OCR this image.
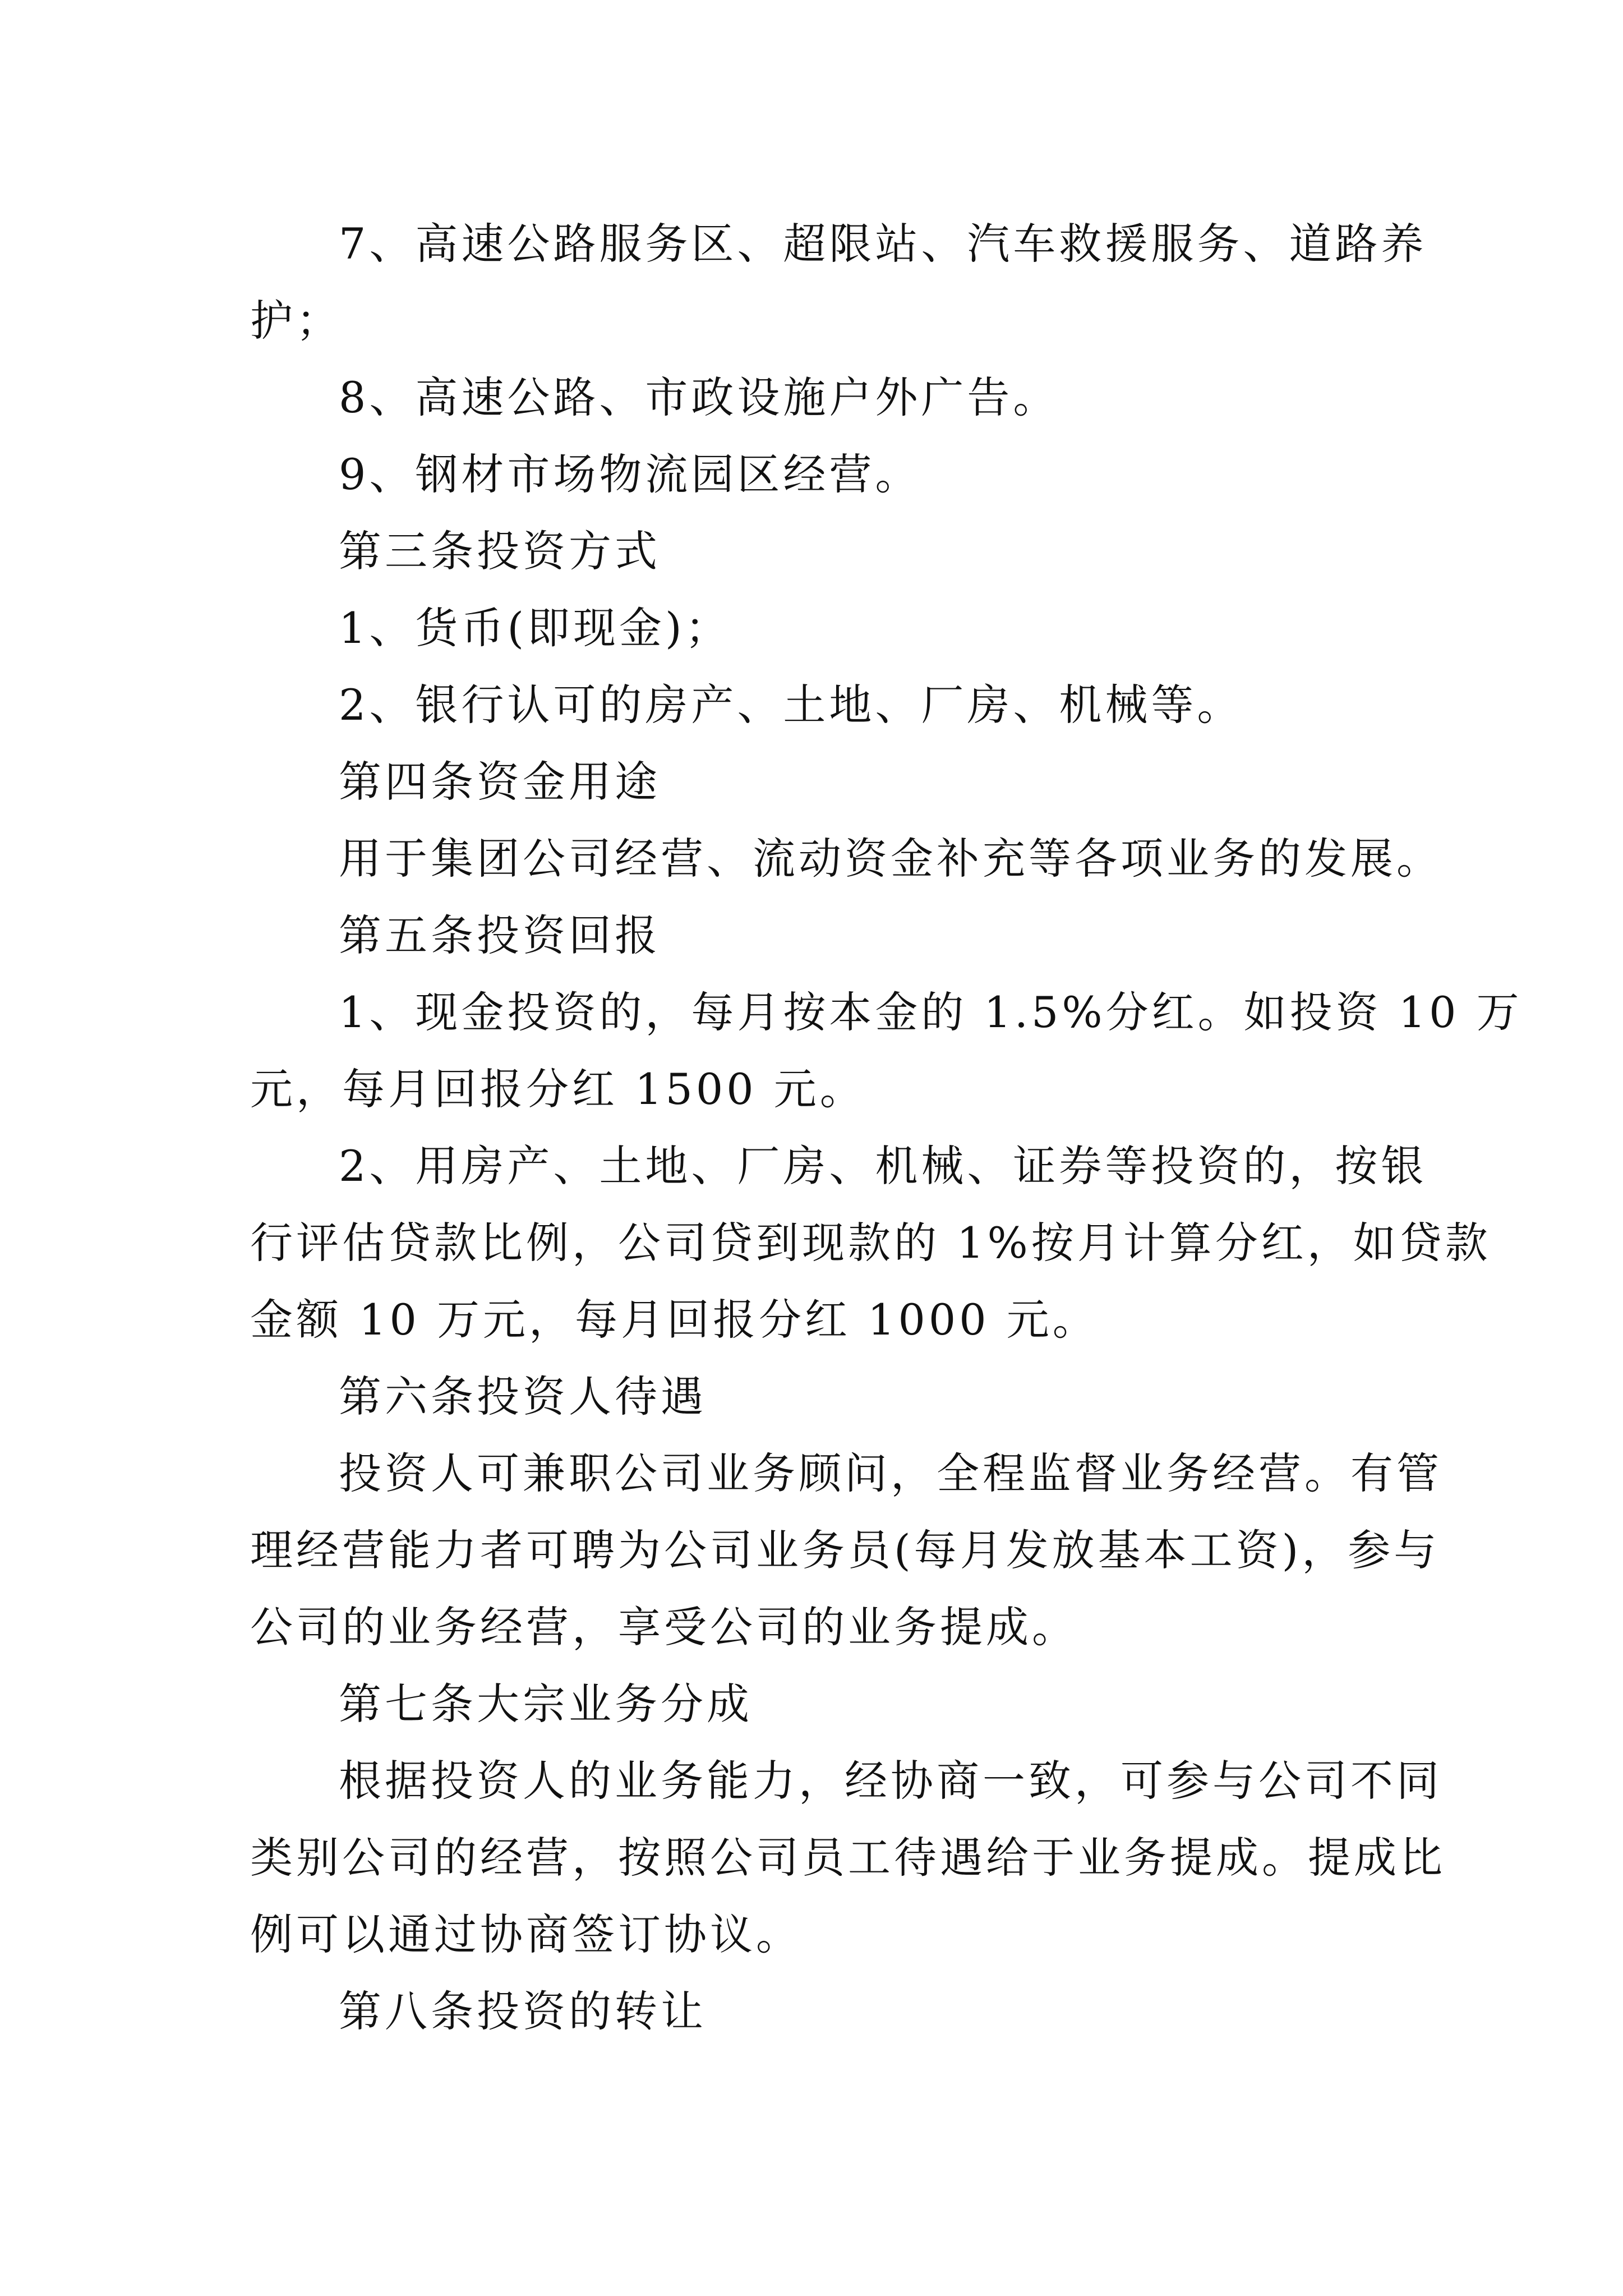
7、高速公路服务区、超限站、汽车救援服务、道路养
护；
8、高速公路、市政设施户外广告。
9、钢材市场物流园区经营。
第三条投资方式
1、货币(即现金)；
2、银行认可的房产、土地、厂房、机械等。
第四条资金用途
用于集团公司经营、流动资金补充等各项业务的发展。
第五条投资回报
1、现金投资的，每月按本金的 1.5%分红。如投资 10 万
元，每月回报分红 1500 元。
2、用房产、土地、厂房、机械、证券等投资的，按银
行评估贷款比例，公司贷到现款的 1%按月计算分红，如贷款
金额 10 万元，每月回报分红 1000 元。
第六条投资人待遇
投资人可兼职公司业务顾问，全程监督业务经营。有管
理经营能力者可聘为公司业务员(每月发放基本工资)，参与
公司的业务经营，享受公司的业务提成。
第七条大宗业务分成
根据投资人的业务能力，经协商一致，可参与公司不同
类别公司的经营，按照公司员工待遇给于业务提成。提成比
例可以通过协商签订协议。
第八条投资的转让
